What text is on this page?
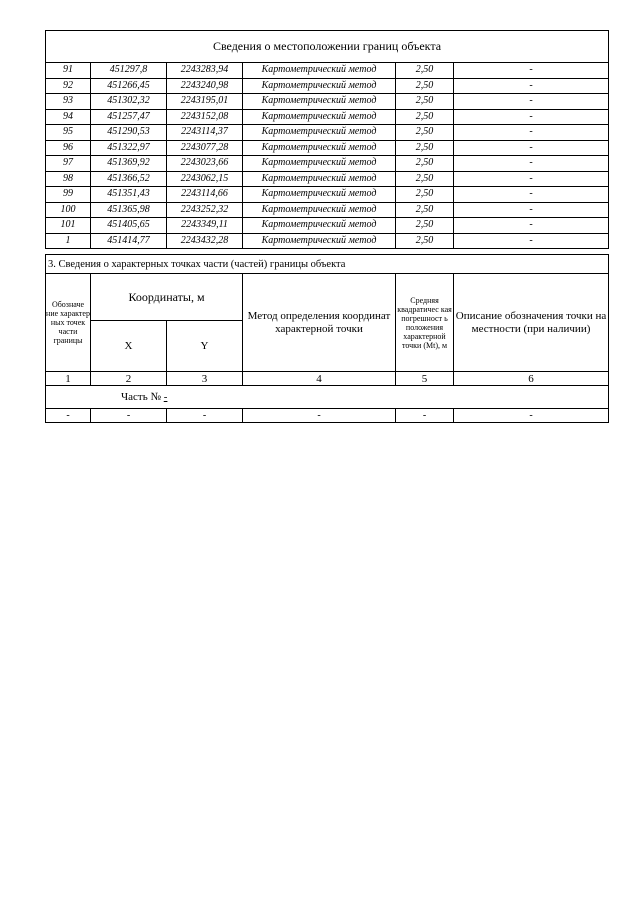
Сведения о местоположении границ объекта					
91	451297,8	2243283,94	Картометрический метод	2,50	-
92	451266,45	2243240,98	Картометрический метод	2,50	-
93	451302,32	2243195,01	Картометрический метод	2,50	-
94	451257,47	2243152,08	Картометрический метод	2,50	-
95	451290,53	2243114,37	Картометрический метод	2,50	-
96	451322,97	2243077,28	Картометрический метод	2,50	-
97	451369,92	2243023,66	Картометрический метод	2,50	-
98	451366,52	2243062,15	Картометрический метод	2,50	-
99	451351,43	2243114,66	Картометрический метод	2,50	-
100	451365,98	2243252,32	Картометрический метод	2,50	-
101	451405,65	2243349,11	Картометрический метод	2,50	-
1	451414,77	2243432,28	Картометрический метод	2,50	-
3. Сведения о характерных точках части (частей) границы объекта					
Обозначе ние характер ных точек части границы	Координаты, м		Метод определения координат характерной точки	Средняя квадратичес кая погрешност ь положения характерной точки (Mt), м	Описание обозначения точки на местности (при наличии)
	X	Y			
1	2	3	4	5	6
Часть № -					
-	-	-	-	-	-
